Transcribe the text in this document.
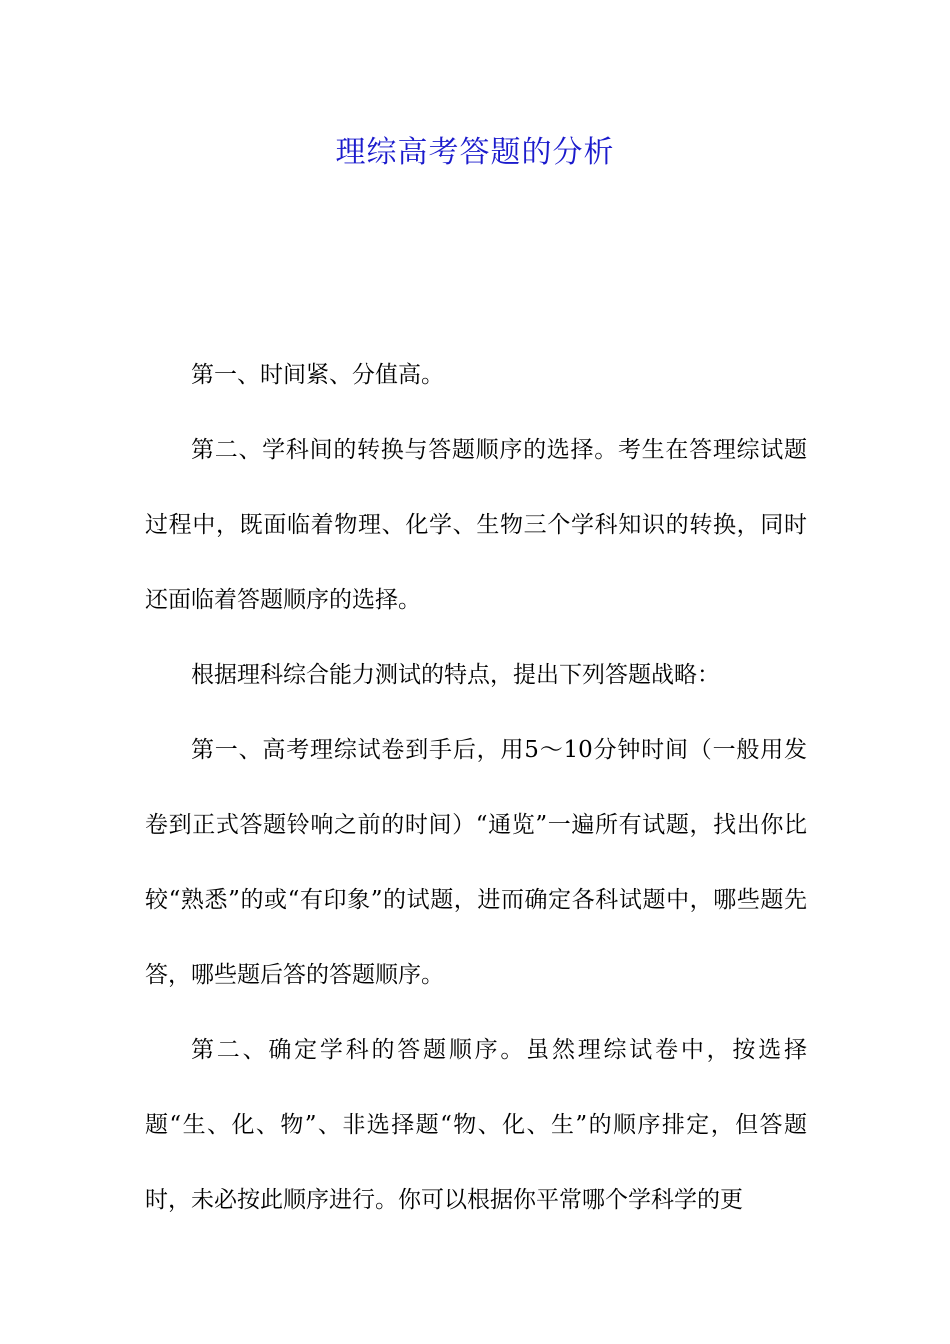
理综高考答题的分析

第一、时间紧、分值高。

第二、学科间的转换与答题顺序的选择。考生在答理综试题过程中，既面临着物理、化学、生物三个学科知识的转换，同时还面临着答题顺序的选择。

根据理科综合能力测试的特点，提出下列答题战略：

第一、高考理综试卷到手后，用5～10分钟时间（一般用发卷到正式答题铃响之前的时间）“通览”一遍所有试题，找出你比较“熟悉”的或“有印象”的试题，进而确定各科试题中，哪些题先答，哪些题后答的答题顺序。

第二、确定学科的答题顺序。虽然理综试卷中，按选择题“生、化、物”、非选择题“物、化、生”的顺序排定，但答题时，未必按此顺序进行。你可以根据你平常哪个学科学的更
